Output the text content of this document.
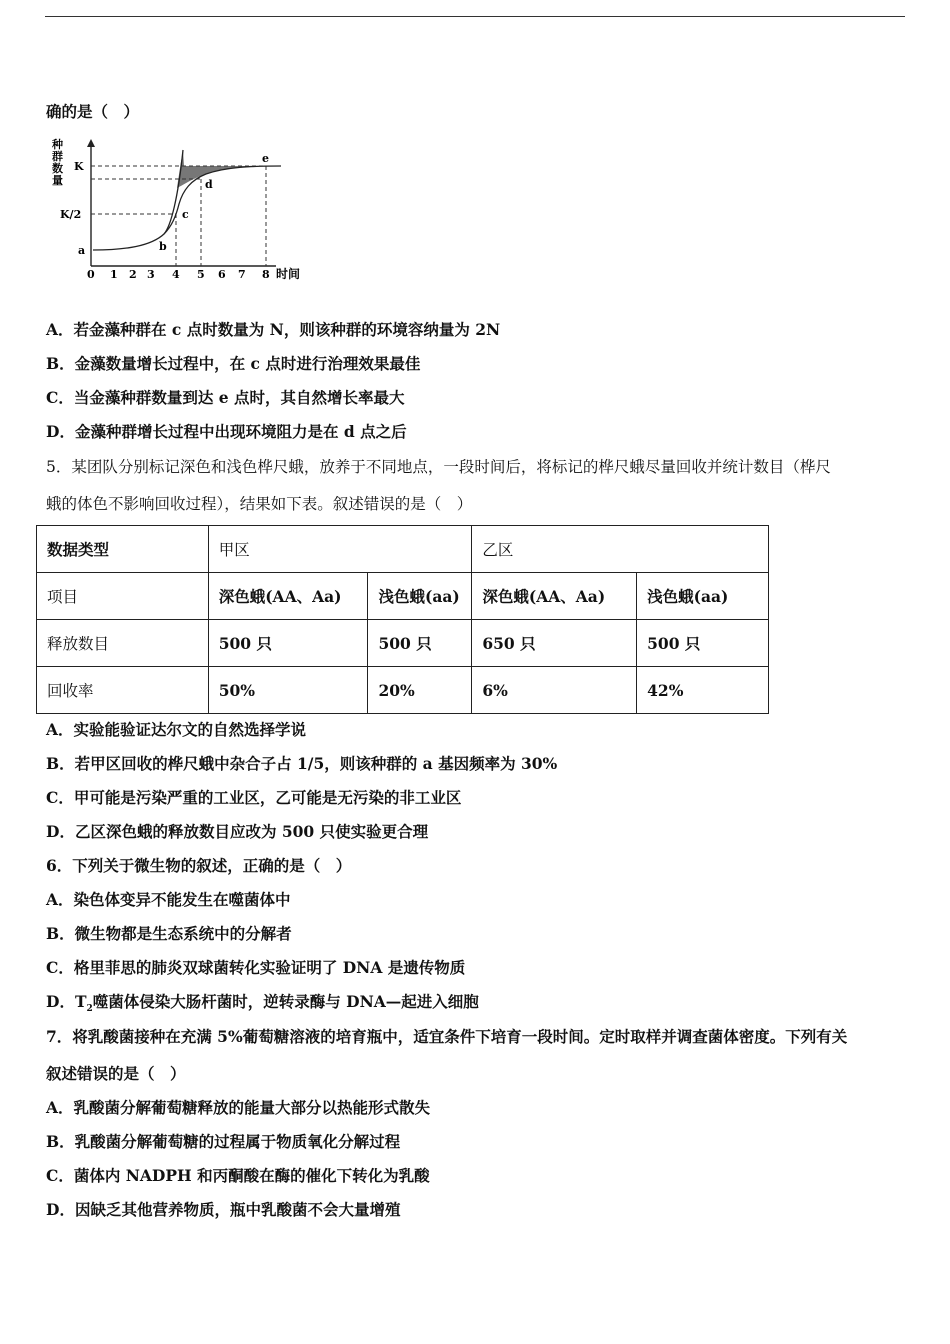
确的是（　）
种
群
数
量
K
K/2
a	b
c
d
e
0 1 2 3 4 5 6 7 8 时间
A．若金藻种群在 c 点时数量为 N，则该种群的环境容纳量为 2N
B．金藻数量增长过程中，在 c 点时进行治理效果最佳
C．当金藻种群数量到达 e 点时，其自然增长率最大
D．金藻种群增长过程中出现环境阻力是在 d 点之后
5．某团队分别标记深色和浅色桦尺蛾，放养于不同地点，一段时间后，将标记的桦尺蛾尽量回收并统计数目（桦尺
蛾的体色不影响回收过程），结果如下表。叙述错误的是（　）
数据类型	甲区		乙区	
项目	深色蛾(AA、Aa)	浅色蛾(aa)	深色蛾(AA、Aa)	浅色蛾(aa)
释放数目	500 只	500 只	650 只	500 只
回收率	50%	20%	6%	42%
A．实验能验证达尔文的自然选择学说
B．若甲区回收的桦尺蛾中杂合子占 1/5，则该种群的 a 基因频率为 30%
C．甲可能是污染严重的工业区，乙可能是无污染的非工业区
D．乙区深色蛾的释放数目应改为 500 只使实验更合理
6．下列关于微生物的叙述，正确的是（　）
A．染色体变异不能发生在噬菌体中
B．微生物都是生态系统中的分解者
C．格里菲思的肺炎双球菌转化实验证明了 DNA 是遗传物质
D．$T_2$噬菌体侵染大肠杆菌时，逆转录酶与 DNA—起进入细胞
7．将乳酸菌接种在充满 5%葡萄糖溶液的培育瓶中，适宜条件下培育一段时间。定时取样并调查菌体密度。下列有关
叙述错误的是（　）
A．乳酸菌分解葡萄糖释放的能量大部分以热能形式散失
B．乳酸菌分解葡萄糖的过程属于物质氧化分解过程
C．菌体内 NADPH 和丙酮酸在酶的催化下转化为乳酸
D．因缺乏其他营养物质，瓶中乳酸菌不会大量增殖
